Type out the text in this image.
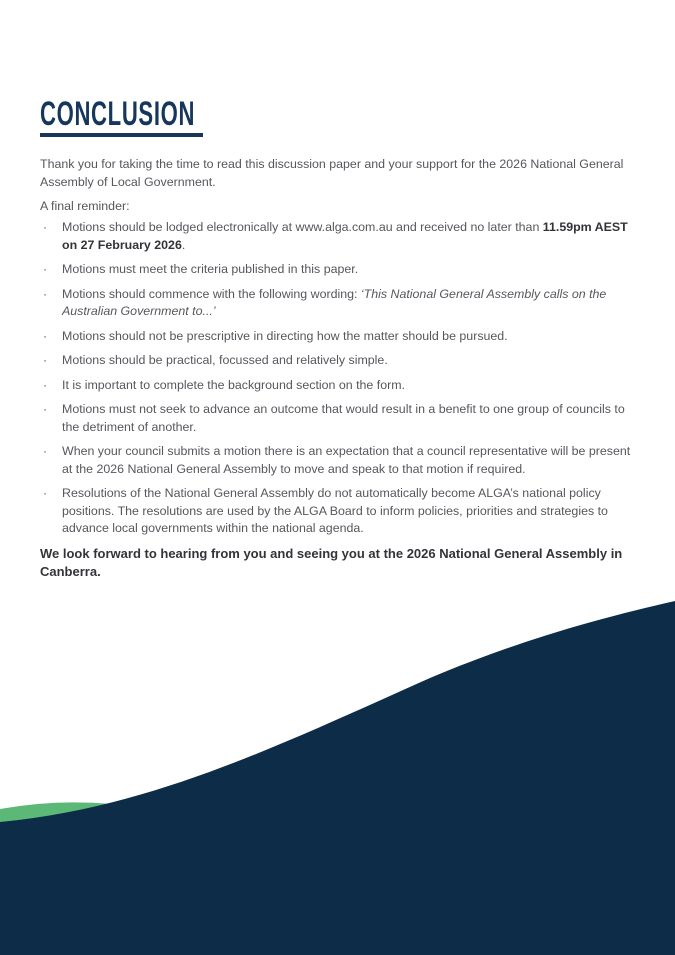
CONCLUSION

Thank you for taking the time to read this discussion paper and your support for the 2026 National General Assembly of Local Government.

A final reminder:

· Motions should be lodged electronically at www.alga.com.au and received no later than 11.59pm AEST on 27 February 2026.
· Motions must meet the criteria published in this paper.
· Motions should commence with the following wording: ‘This National General Assembly calls on the Australian Government to...’
· Motions should not be prescriptive in directing how the matter should be pursued.
· Motions should be practical, focussed and relatively simple.
· It is important to complete the background section on the form.
· Motions must not seek to advance an outcome that would result in a benefit to one group of councils to the detriment of another.
· When your council submits a motion there is an expectation that a council representative will be present at the 2026 National General Assembly to move and speak to that motion if required.
· Resolutions of the National General Assembly do not automatically become ALGA’s national policy positions. The resolutions are used by the ALGA Board to inform policies, priorities and strategies to advance local governments within the national agenda.

We look forward to hearing from you and seeing you at the 2026 National General Assembly in Canberra.
